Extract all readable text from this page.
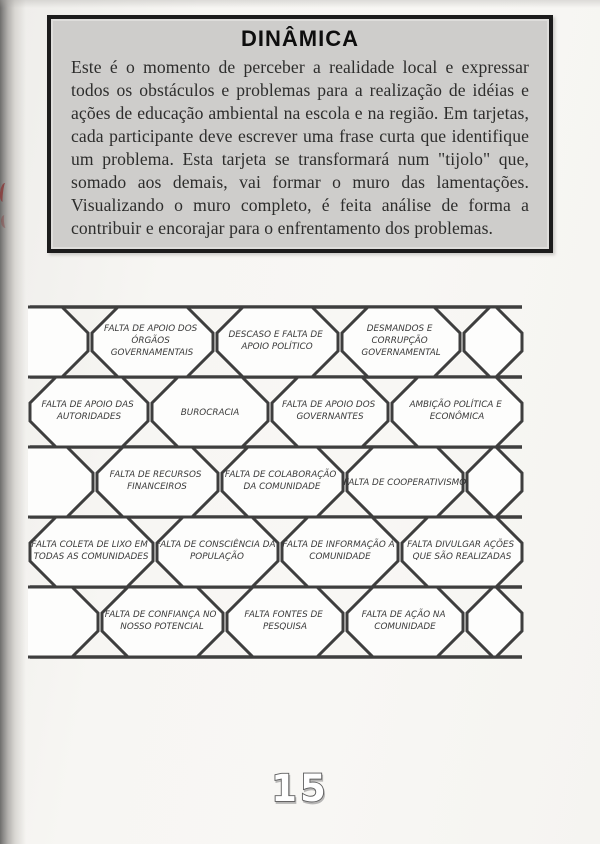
DINÂMICA
Este é o momento de perceber a realidade local e expressar todos os obstáculos e problemas para a realização de idéias e ações de educação ambiental na escola e na região. Em tarjetas, cada participante deve escrever uma frase curta que identifique um problema. Esta tarjeta se transformará num "tijolo" que, somado aos demais, vai formar o muro das lamentações. Visualizando o muro completo, é feita análise de forma a contribuir e encorajar para o enfrentamento dos problemas.
FALTA DE APOIO DOS ÓRGÃOS GOVERNAMENTAIS
DESCASO E FALTA DE APOIO POLÍTICO
DESMANDOS E CORRUPÇÃO GOVERNAMENTAL
FALTA DE APOIO DAS AUTORIDADES	BUROCRACIA
FALTA DE APOIO DOS GOVERNANTES
AMBIÇÃO POLÍTICA E ECONÔMICA
FALTA DE RECURSOS FINANCEIROS
FALTA DE COLABORAÇÃO DA COMUNIDADE	FALTA DE COOPERATIVISMO
FALTA COLETA DE LIXO EM TODAS AS COMUNIDADES
FALTA DE CONSCIÊNCIA DA POPULAÇÃO
FALTA DE INFORMAÇÃO À COMUNIDADE
FALTA DIVULGAR AÇÕES QUE SÃO REALIZADAS
FALTA DE CONFIANÇA NO NOSSO POTENCIAL
FALTA FONTES DE PESQUISA
FALTA DE AÇÃO NA COMUNIDADE
15
